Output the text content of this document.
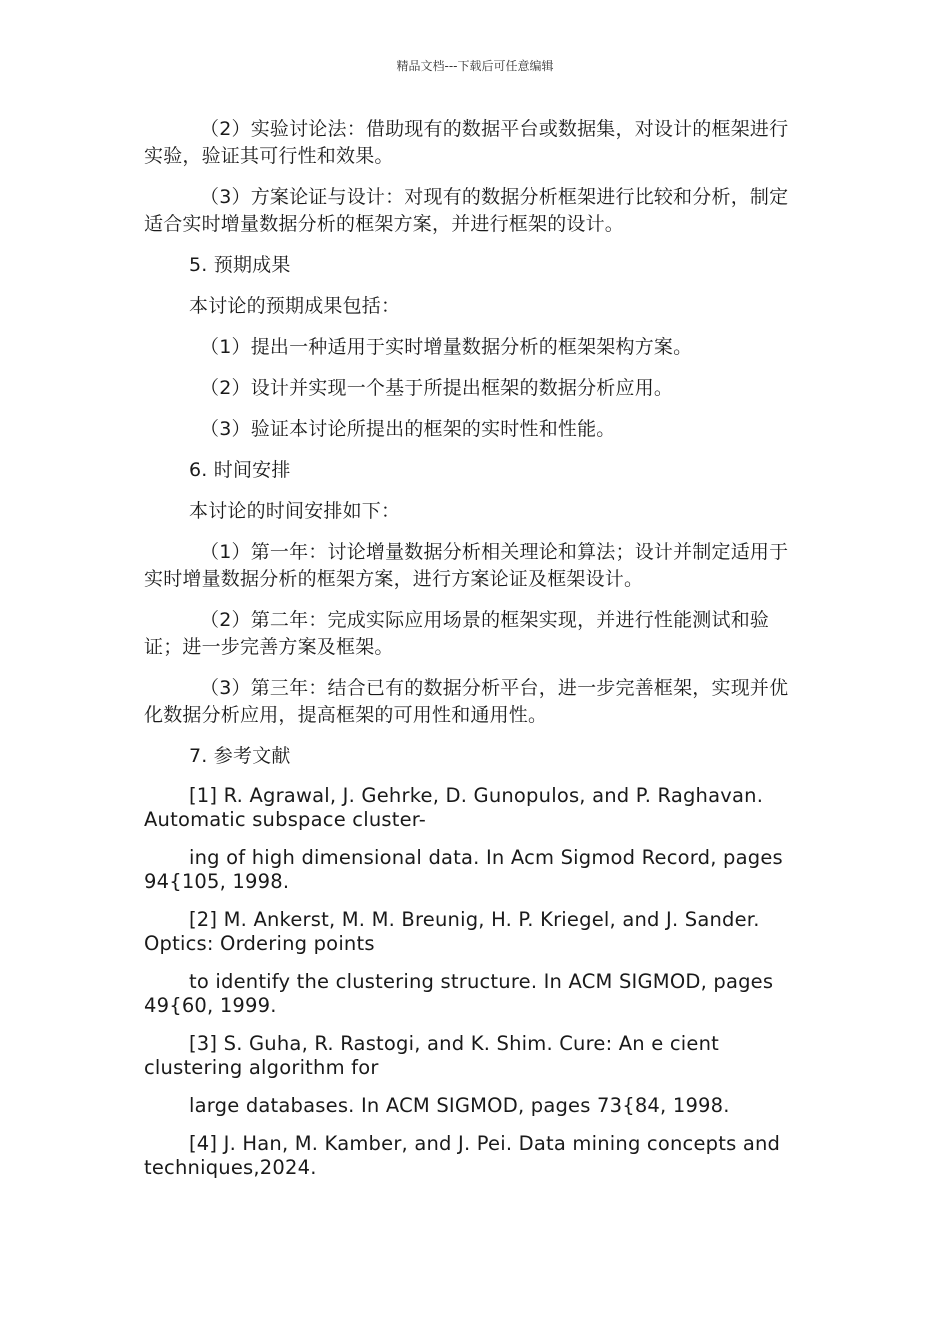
精品文档---下载后可任意编辑

（2）实验讨论法：借助现有的数据平台或数据集，对设计的框架进行实验，验证其可行性和效果。

（3）方案论证与设计：对现有的数据分析框架进行比较和分析，制定适合实时增量数据分析的框架方案，并进行框架的设计。

5. 预期成果

本讨论的预期成果包括：

（1）提出一种适用于实时增量数据分析的框架架构方案。

（2）设计并实现一个基于所提出框架的数据分析应用。

（3）验证本讨论所提出的框架的实时性和性能。

6. 时间安排

本讨论的时间安排如下：

（1）第一年：讨论增量数据分析相关理论和算法；设计并制定适用于实时增量数据分析的框架方案，进行方案论证及框架设计。

（2）第二年：完成实际应用场景的框架实现，并进行性能测试和验证；进一步完善方案及框架。

（3）第三年：结合已有的数据分析平台，进一步完善框架，实现并优化数据分析应用，提高框架的可用性和通用性。

7. 参考文献

[1] R. Agrawal, J. Gehrke, D. Gunopulos, and P. Raghavan. Automatic subspace cluster-

ing of high dimensional data. In Acm Sigmod Record, pages 94{105, 1998.

[2] M. Ankerst, M. M. Breunig, H. P. Kriegel, and J. Sander. Optics: Ordering points

to identify the clustering structure. In ACM SIGMOD, pages 49{60, 1999.

[3] S. Guha, R. Rastogi, and K. Shim. Cure: An e cient clustering algorithm for

large databases. In ACM SIGMOD, pages 73{84, 1998.

[4] J. Han, M. Kamber, and J. Pei. Data mining concepts and techniques,2024.
